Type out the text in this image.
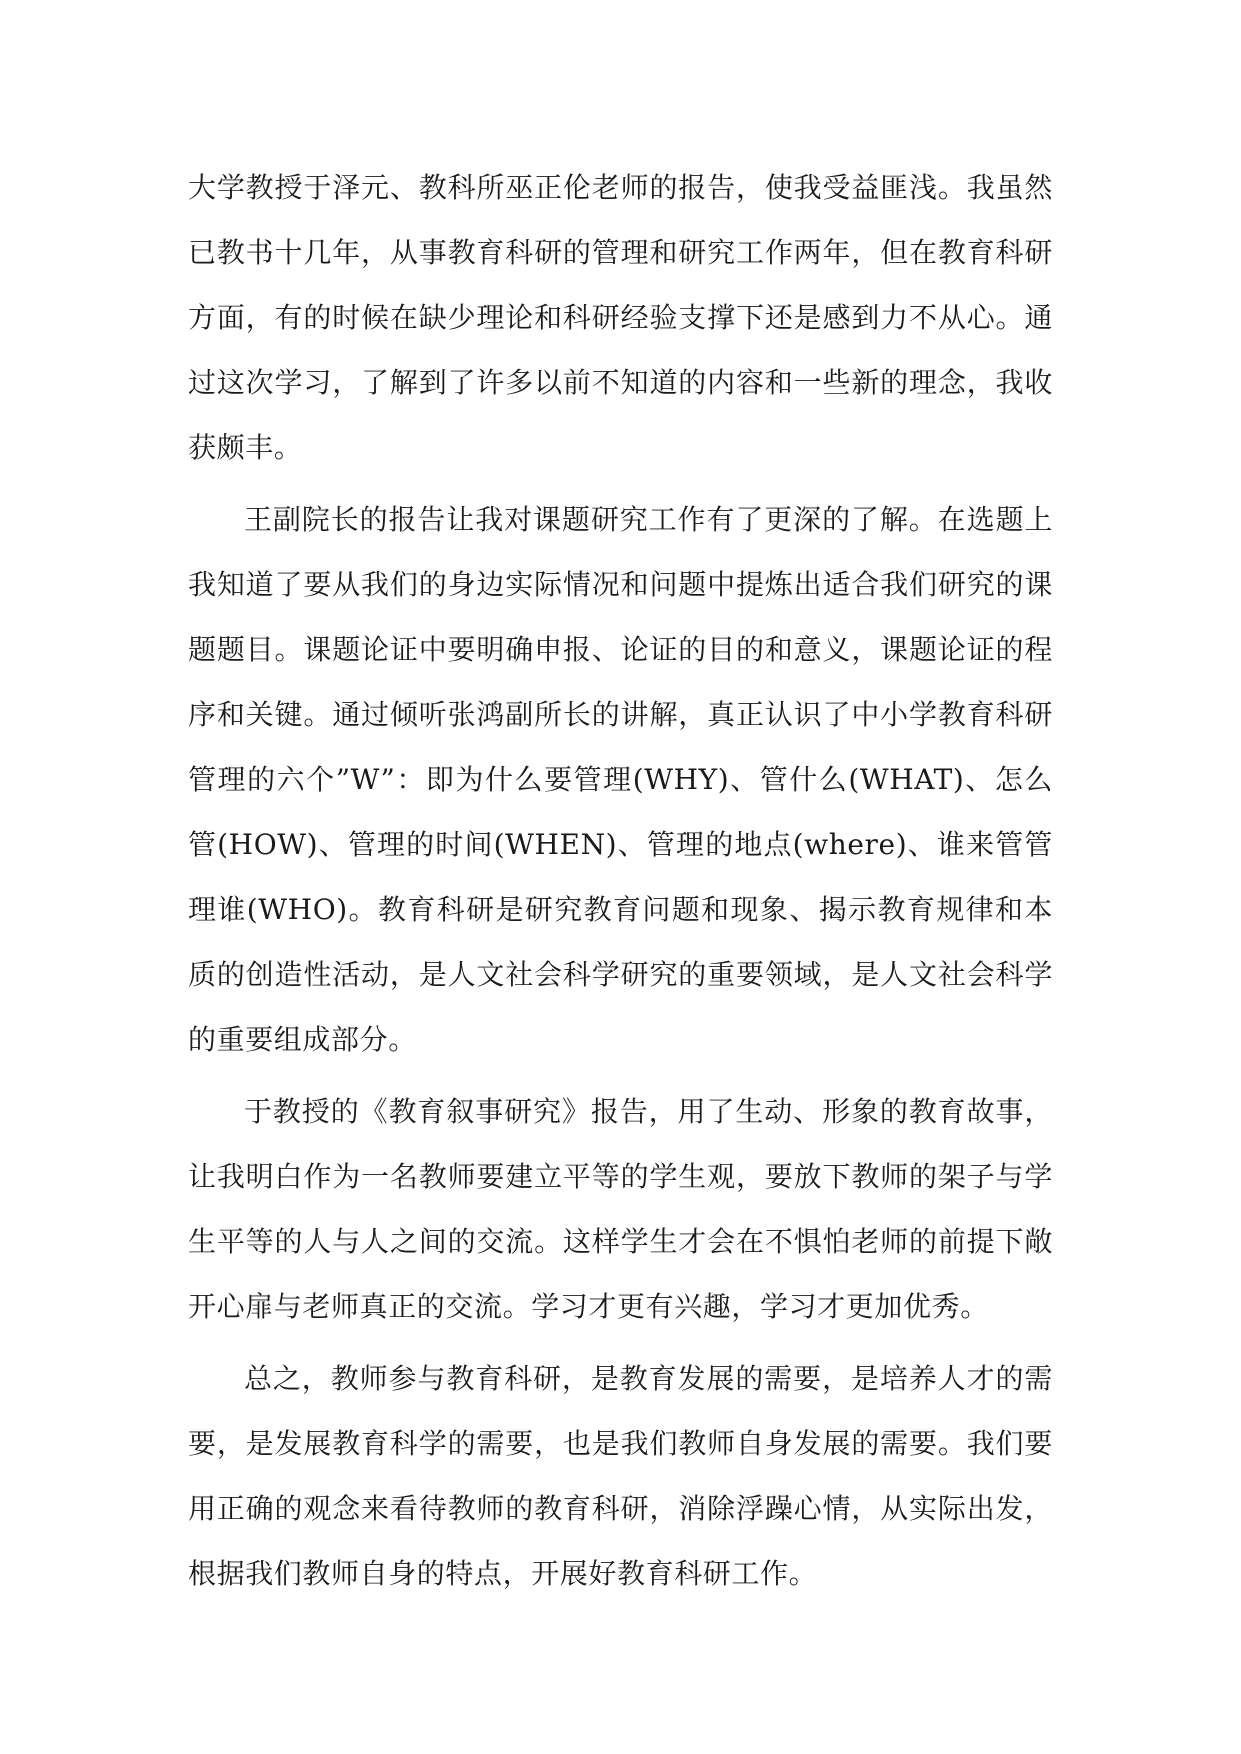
大学教授于泽元、教科所巫正伦老师的报告，使我受益匪浅。我虽然已教书十几年，从事教育科研的管理和研究工作两年，但在教育科研方面，有的时候在缺少理论和科研经验支撑下还是感到力不从心。通过这次学习，了解到了许多以前不知道的内容和一些新的理念，我收获颇丰。

王副院长的报告让我对课题研究工作有了更深的了解。在选题上我知道了要从我们的身边实际情况和问题中提炼出适合我们研究的课题题目。课题论证中要明确申报、论证的目的和意义，课题论证的程序和关键。通过倾听张鸿副所长的讲解，真正认识了中小学教育科研管理的六个”W”：即为什么要管理(WHY)、管什么(WHAT)、怎么管(HOW)、管理的时间(WHEN)、管理的地点(where)、谁来管管理谁(WHO)。教育科研是研究教育问题和现象、揭示教育规律和本质的创造性活动，是人文社会科学研究的重要领域，是人文社会科学的重要组成部分。

于教授的《教育叙事研究》报告，用了生动、形象的教育故事，让我明白作为一名教师要建立平等的学生观，要放下教师的架子与学生平等的人与人之间的交流。这样学生才会在不惧怕老师的前提下敞开心扉与老师真正的交流。学习才更有兴趣，学习才更加优秀。

总之，教师参与教育科研，是教育发展的需要，是培养人才的需要，是发展教育科学的需要，也是我们教师自身发展的需要。我们要用正确的观念来看待教师的教育科研，消除浮躁心情，从实际出发，根据我们教师自身的特点，开展好教育科研工作。
